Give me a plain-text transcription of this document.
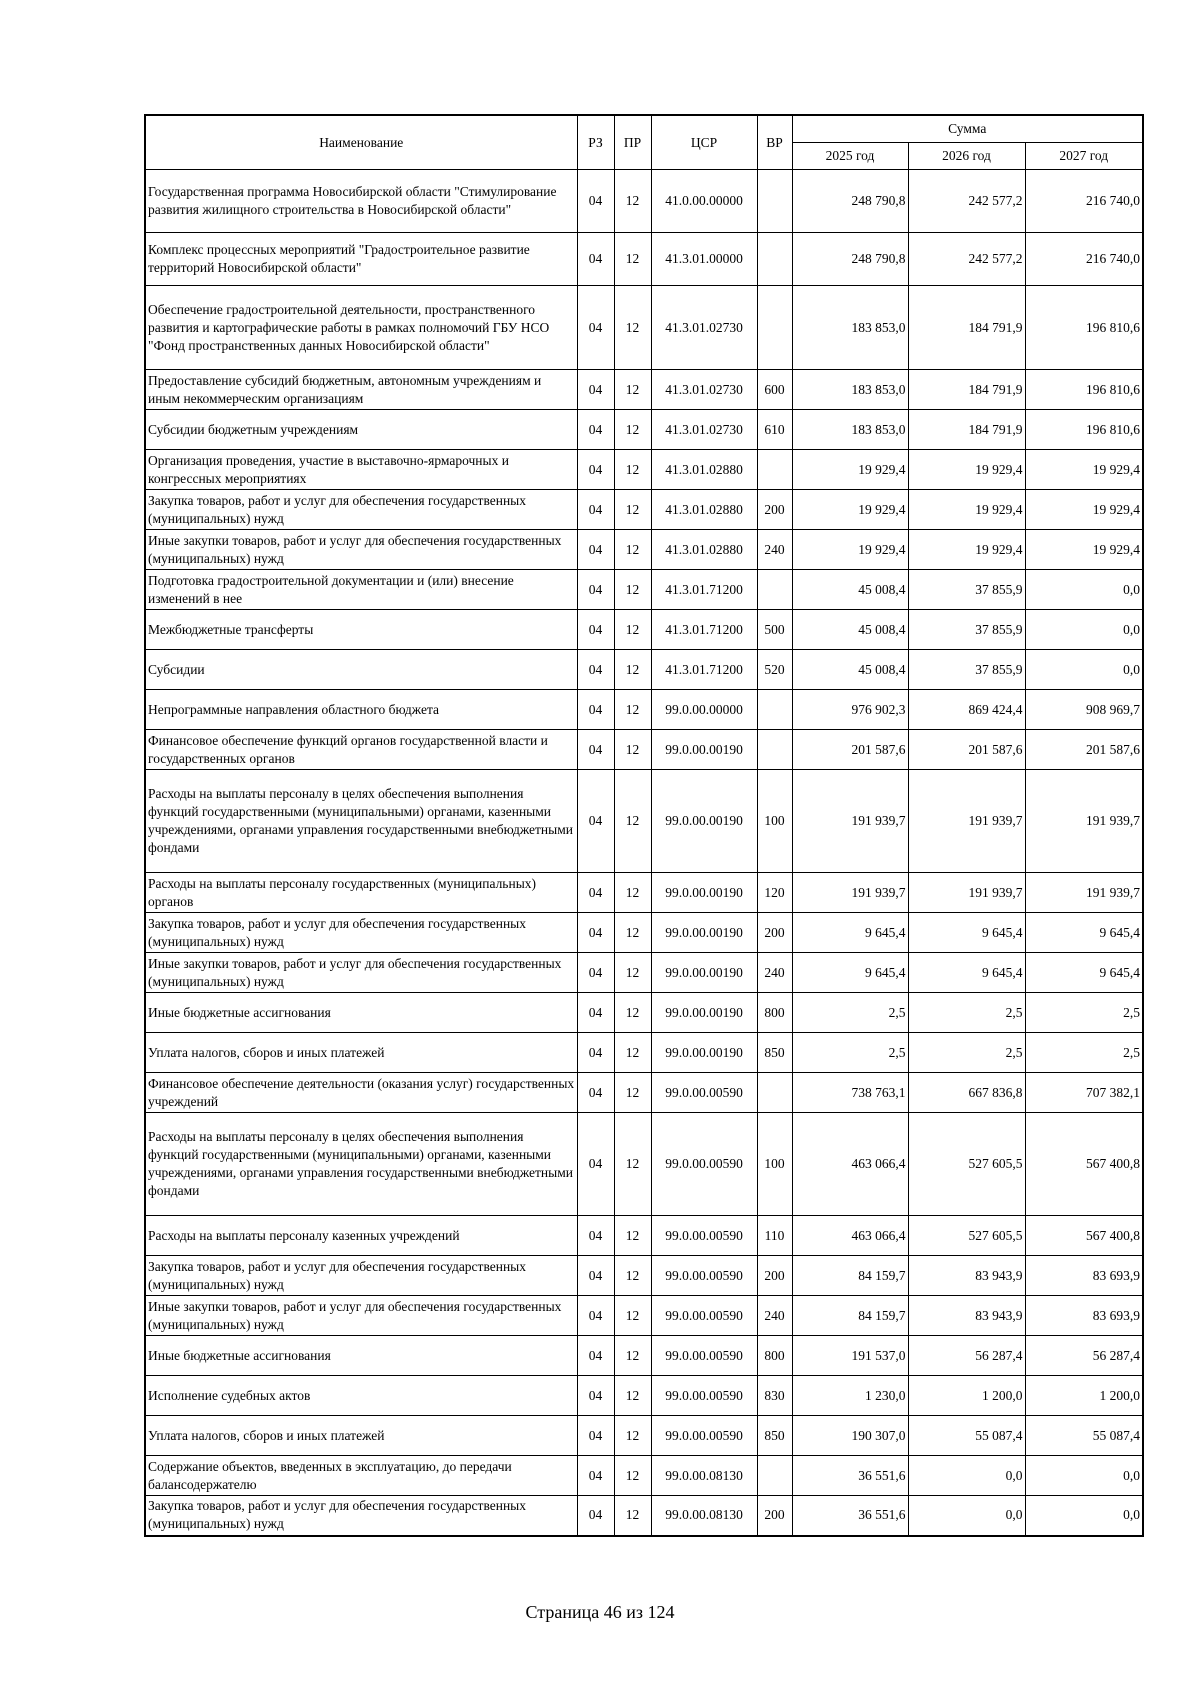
Наименование	РЗ	ПР	ЦСР	ВР	Сумма		
					2025 год	2026 год	2027 год
Государственная программа Новосибирской области "Стимулирование развития жилищного строительства в Новосибирской области"	04	12	41.0.00.00000		248 790,8	242 577,2	216 740,0
Комплекс процессных мероприятий "Градостроительное развитие территорий Новосибирской области"	04	12	41.3.01.00000		248 790,8	242 577,2	216 740,0
Обеспечение градостроительной деятельности, пространственного развития и картографические работы в рамках полномочий ГБУ НСО "Фонд пространственных данных Новосибирской области"	04	12	41.3.01.02730		183 853,0	184 791,9	196 810,6
Предоставление субсидий бюджетным, автономным учреждениям и иным некоммерческим организациям	04	12	41.3.01.02730	600	183 853,0	184 791,9	196 810,6
Субсидии бюджетным учреждениям	04	12	41.3.01.02730	610	183 853,0	184 791,9	196 810,6
Организация проведения, участие в выставочно-ярмарочных и конгрессных мероприятиях	04	12	41.3.01.02880		19 929,4	19 929,4	19 929,4
Закупка товаров, работ и услуг для обеспечения государственных (муниципальных) нужд	04	12	41.3.01.02880	200	19 929,4	19 929,4	19 929,4
Иные закупки товаров, работ и услуг для обеспечения государственных (муниципальных) нужд	04	12	41.3.01.02880	240	19 929,4	19 929,4	19 929,4
Подготовка градостроительной документации и (или) внесение изменений в нее	04	12	41.3.01.71200		45 008,4	37 855,9	0,0
Межбюджетные трансферты	04	12	41.3.01.71200	500	45 008,4	37 855,9	0,0
Субсидии	04	12	41.3.01.71200	520	45 008,4	37 855,9	0,0
Непрограммные направления областного бюджета	04	12	99.0.00.00000		976 902,3	869 424,4	908 969,7
Финансовое обеспечение функций органов государственной власти и государственных органов	04	12	99.0.00.00190		201 587,6	201 587,6	201 587,6
Расходы на выплаты персоналу в целях обеспечения выполнения функций государственными (муниципальными) органами, казенными учреждениями, органами управления государственными внебюджетными фондами	04	12	99.0.00.00190	100	191 939,7	191 939,7	191 939,7
Расходы на выплаты персоналу государственных (муниципальных) органов	04	12	99.0.00.00190	120	191 939,7	191 939,7	191 939,7
Закупка товаров, работ и услуг для обеспечения государственных (муниципальных) нужд	04	12	99.0.00.00190	200	9 645,4	9 645,4	9 645,4
Иные закупки товаров, работ и услуг для обеспечения государственных (муниципальных) нужд	04	12	99.0.00.00190	240	9 645,4	9 645,4	9 645,4
Иные бюджетные ассигнования	04	12	99.0.00.00190	800	2,5	2,5	2,5
Уплата налогов, сборов и иных платежей	04	12	99.0.00.00190	850	2,5	2,5	2,5
Финансовое обеспечение деятельности (оказания услуг) государственных учреждений	04	12	99.0.00.00590		738 763,1	667 836,8	707 382,1
Расходы на выплаты персоналу в целях обеспечения выполнения функций государственными (муниципальными) органами, казенными учреждениями, органами управления государственными внебюджетными фондами	04	12	99.0.00.00590	100	463 066,4	527 605,5	567 400,8
Расходы на выплаты персоналу казенных учреждений	04	12	99.0.00.00590	110	463 066,4	527 605,5	567 400,8
Закупка товаров, работ и услуг для обеспечения государственных (муниципальных) нужд	04	12	99.0.00.00590	200	84 159,7	83 943,9	83 693,9
Иные закупки товаров, работ и услуг для обеспечения государственных (муниципальных) нужд	04	12	99.0.00.00590	240	84 159,7	83 943,9	83 693,9
Иные бюджетные ассигнования	04	12	99.0.00.00590	800	191 537,0	56 287,4	56 287,4
Исполнение судебных актов	04	12	99.0.00.00590	830	1 230,0	1 200,0	1 200,0
Уплата налогов, сборов и иных платежей	04	12	99.0.00.00590	850	190 307,0	55 087,4	55 087,4
Содержание объектов, введенных в эксплуатацию, до передачи балансодержателю	04	12	99.0.00.08130		36 551,6	0,0	0,0
Закупка товаров, работ и услуг для обеспечения государственных (муниципальных) нужд	04	12	99.0.00.08130	200	36 551,6	0,0	0,0
Страница 46 из 124
